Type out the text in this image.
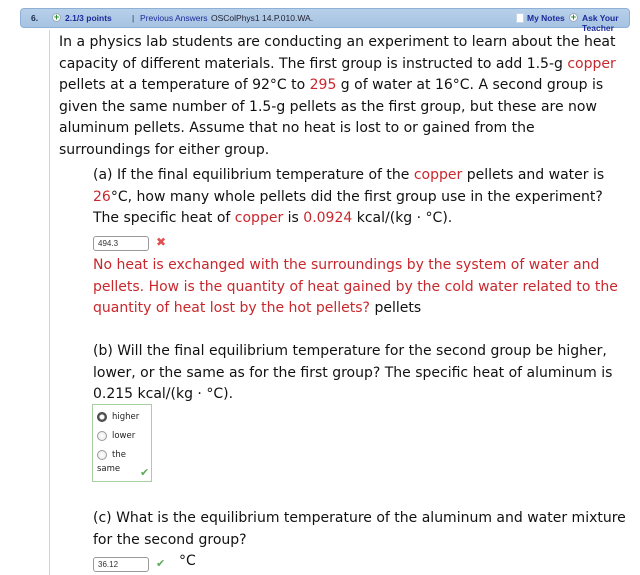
6. + 2.1/3 points | Previous Answers OSColPhys1 14.P.010.WA.	My Notes + Ask Your Teacher

In a physics lab students are conducting an experiment to learn about the heat capacity of different materials. The first group is instructed to add 1.5-g copper pellets at a temperature of 92°C to 295 g of water at 16°C. A second group is given the same number of 1.5-g pellets as the first group, but these are now aluminum pellets. Assume that no heat is lost to or gained from the surroundings for either group.

(a) If the final equilibrium temperature of the copper pellets and water is 26°C, how many whole pellets did the first group use in the experiment? The specific heat of copper is 0.0924 kcal/(kg · °C).

494.3	✖

No heat is exchanged with the surroundings by the system of water and pellets. How is the quantity of heat gained by the cold water related to the quantity of heat lost by the hot pellets? pellets

(b) Will the final equilibrium temperature for the second group be higher, lower, or the same as for the first group? The specific heat of aluminum is 0.215 kcal/(kg · °C).

higher
lower
the same	✔

(c) What is the equilibrium temperature of the aluminum and water mixture for the second group?

36.12	✔ °C
